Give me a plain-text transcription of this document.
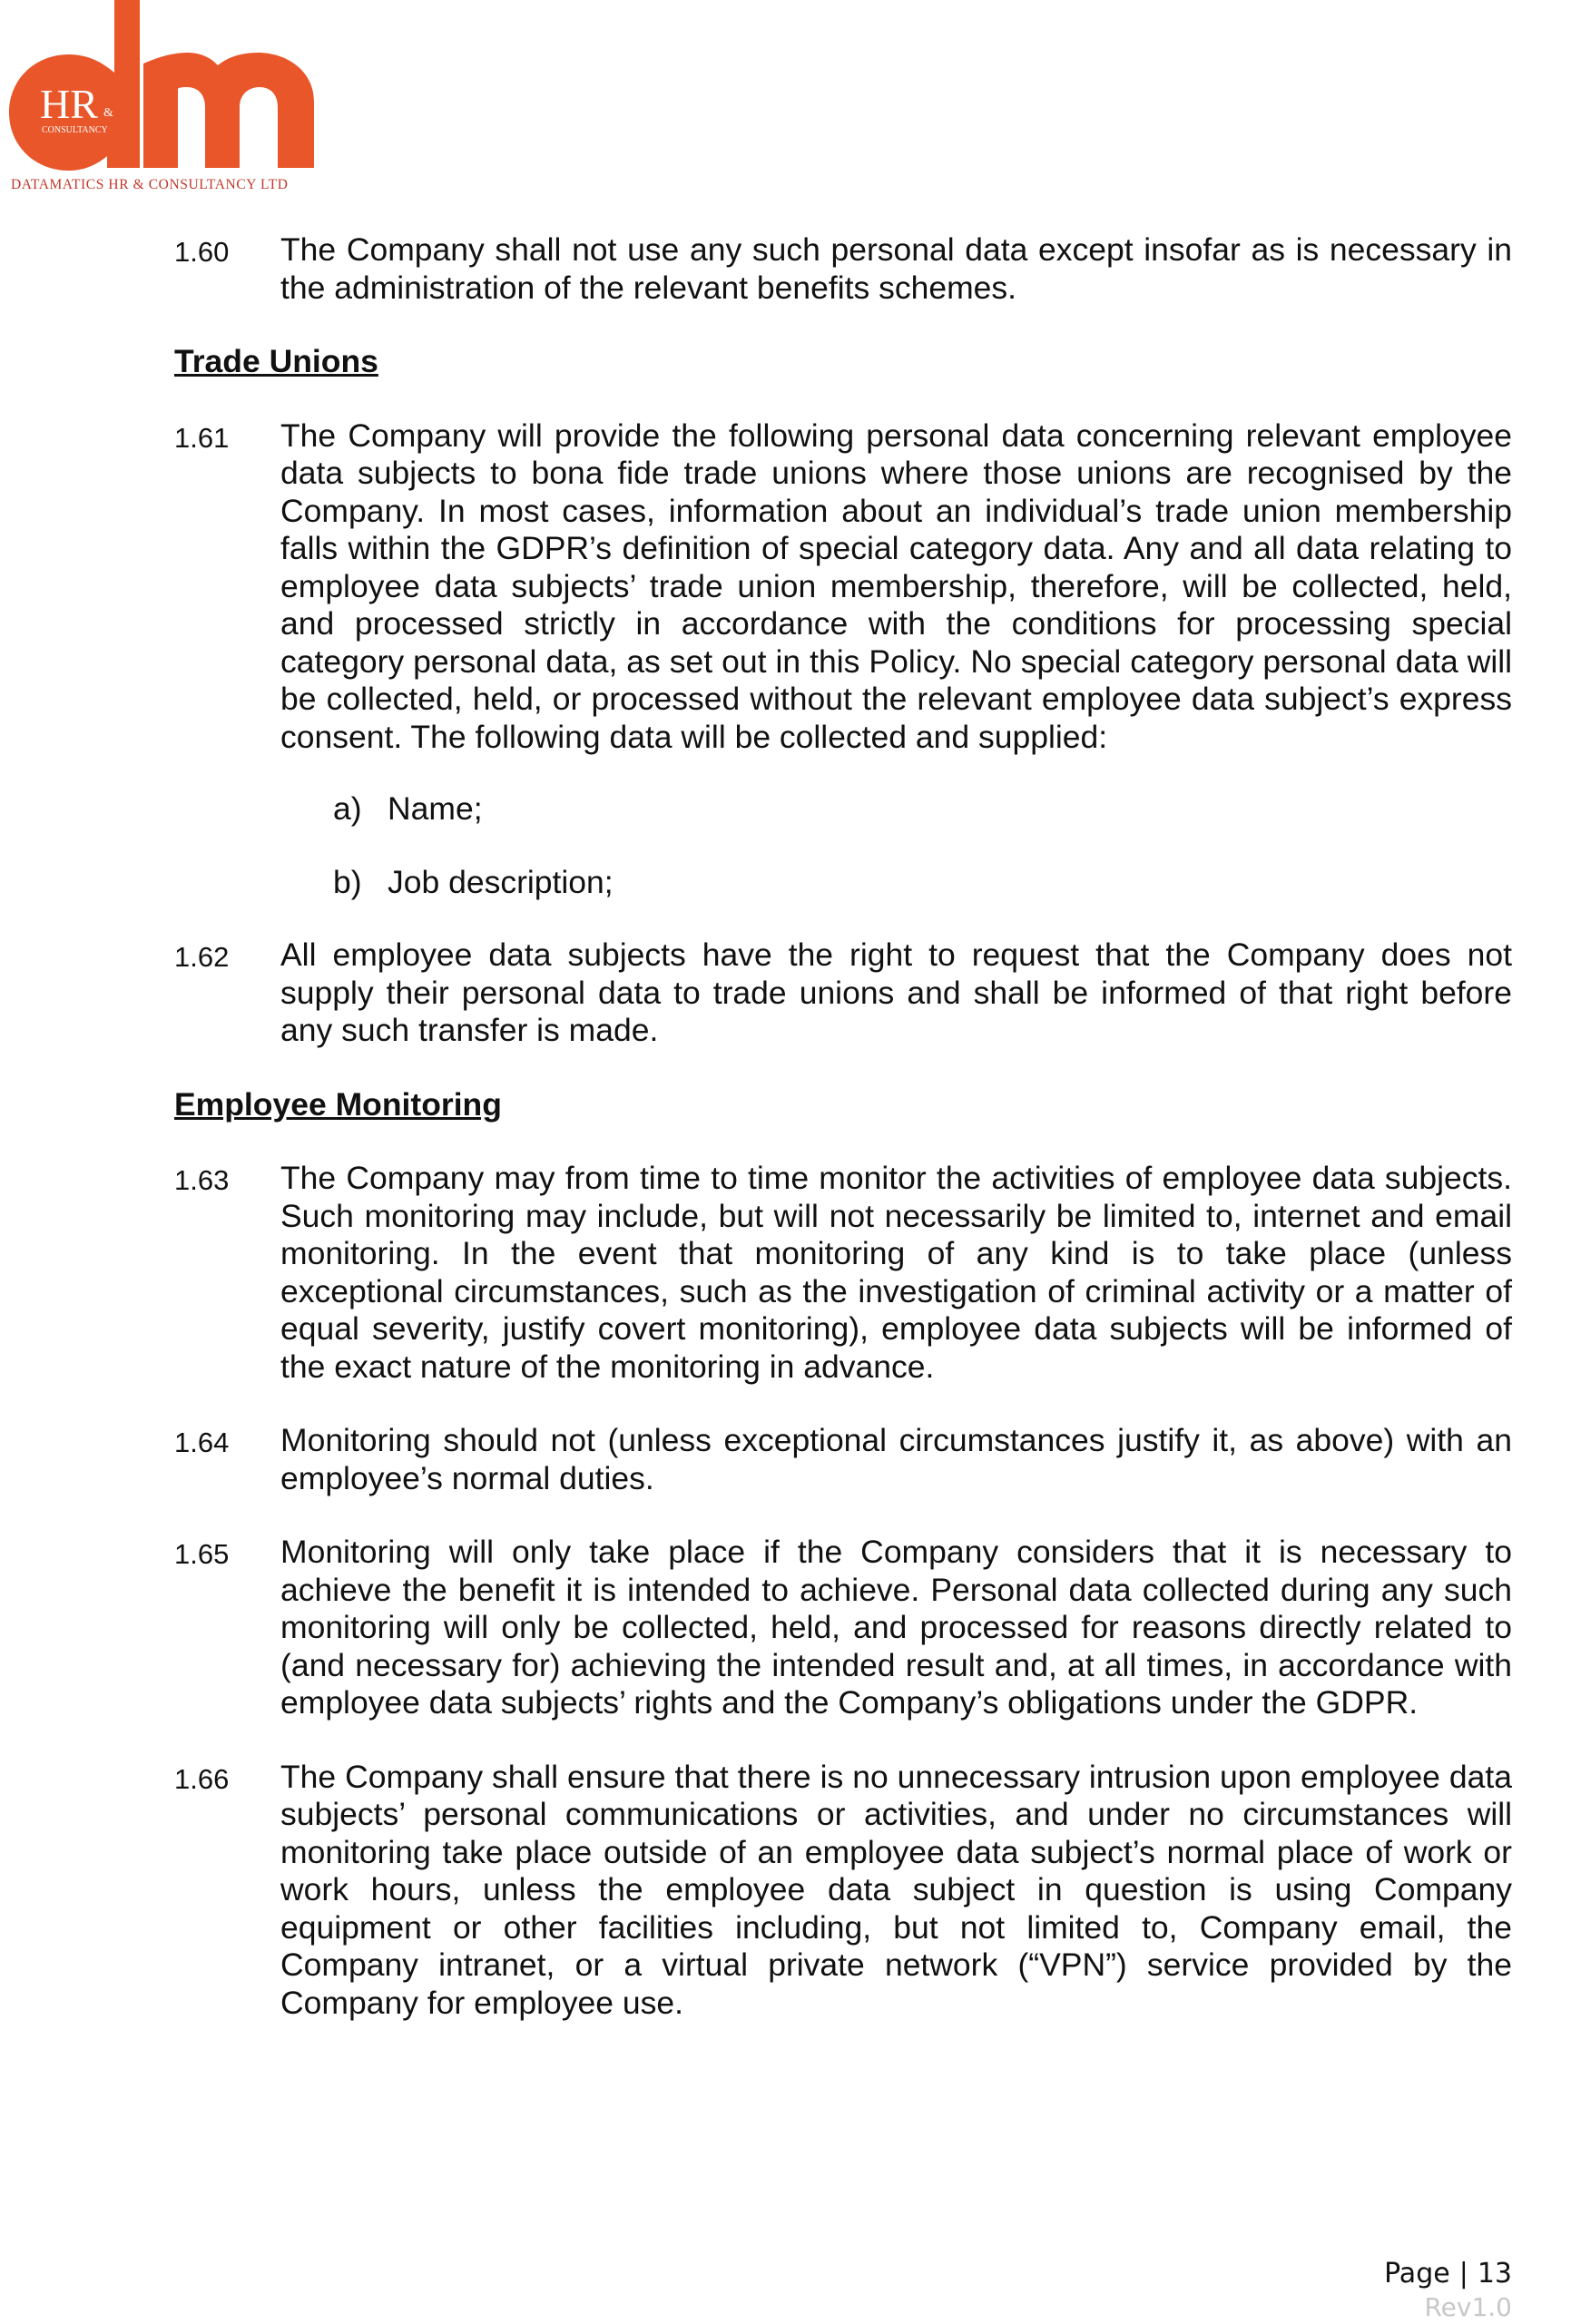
HR &
CONSULTANCY
DATAMATICS HR & CONSULTANCY LTD
1.60	The Company shall not use any such personal data except insofar as is necessary in the administration of the relevant benefits schemes.
Trade Unions
1.61	The Company will provide the following personal data concerning relevant employee data subjects to bona fide trade unions where those unions are recognised by the Company. In most cases, information about an individual’s trade union membership falls within the GDPR’s definition of special category data. Any and all data relating to employee data subjects’ trade union membership, therefore, will be collected, held, and processed strictly in accordance with the conditions for processing special category personal data, as set out in this Policy. No special category personal data will be collected, held, or processed without the relevant employee data subject’s express consent. The following data will be collected and supplied:
a) Name;
b) Job description;
1.62	All employee data subjects have the right to request that the Company does not supply their personal data to trade unions and shall be informed of that right before any such transfer is made.
Employee Monitoring
1.63	The Company may from time to time monitor the activities of employee data subjects. Such monitoring may include, but will not necessarily be limited to, internet and email monitoring. In the event that monitoring of any kind is to take place (unless exceptional circumstances, such as the investigation of criminal activity or a matter of equal severity, justify covert monitoring), employee data subjects will be informed of the exact nature of the monitoring in advance.
1.64	Monitoring should not (unless exceptional circumstances justify it, as above) with an employee’s normal duties.
1.65	Monitoring will only take place if the Company considers that it is necessary to achieve the benefit it is intended to achieve. Personal data collected during any such monitoring will only be collected, held, and processed for reasons directly related to (and necessary for) achieving the intended result and, at all times, in accordance with employee data subjects’ rights and the Company’s obligations under the GDPR.
1.66	The Company shall ensure that there is no unnecessary intrusion upon employee data subjects’ personal communications or activities, and under no circumstances will monitoring take place outside of an employee data subject’s normal place of work or work hours, unless the employee data subject in question is using Company equipment or other facilities including, but not limited to, Company email, the Company intranet, or a virtual private network (“VPN”) service provided by the Company for employee use.
Page | 13
Rev1.0
